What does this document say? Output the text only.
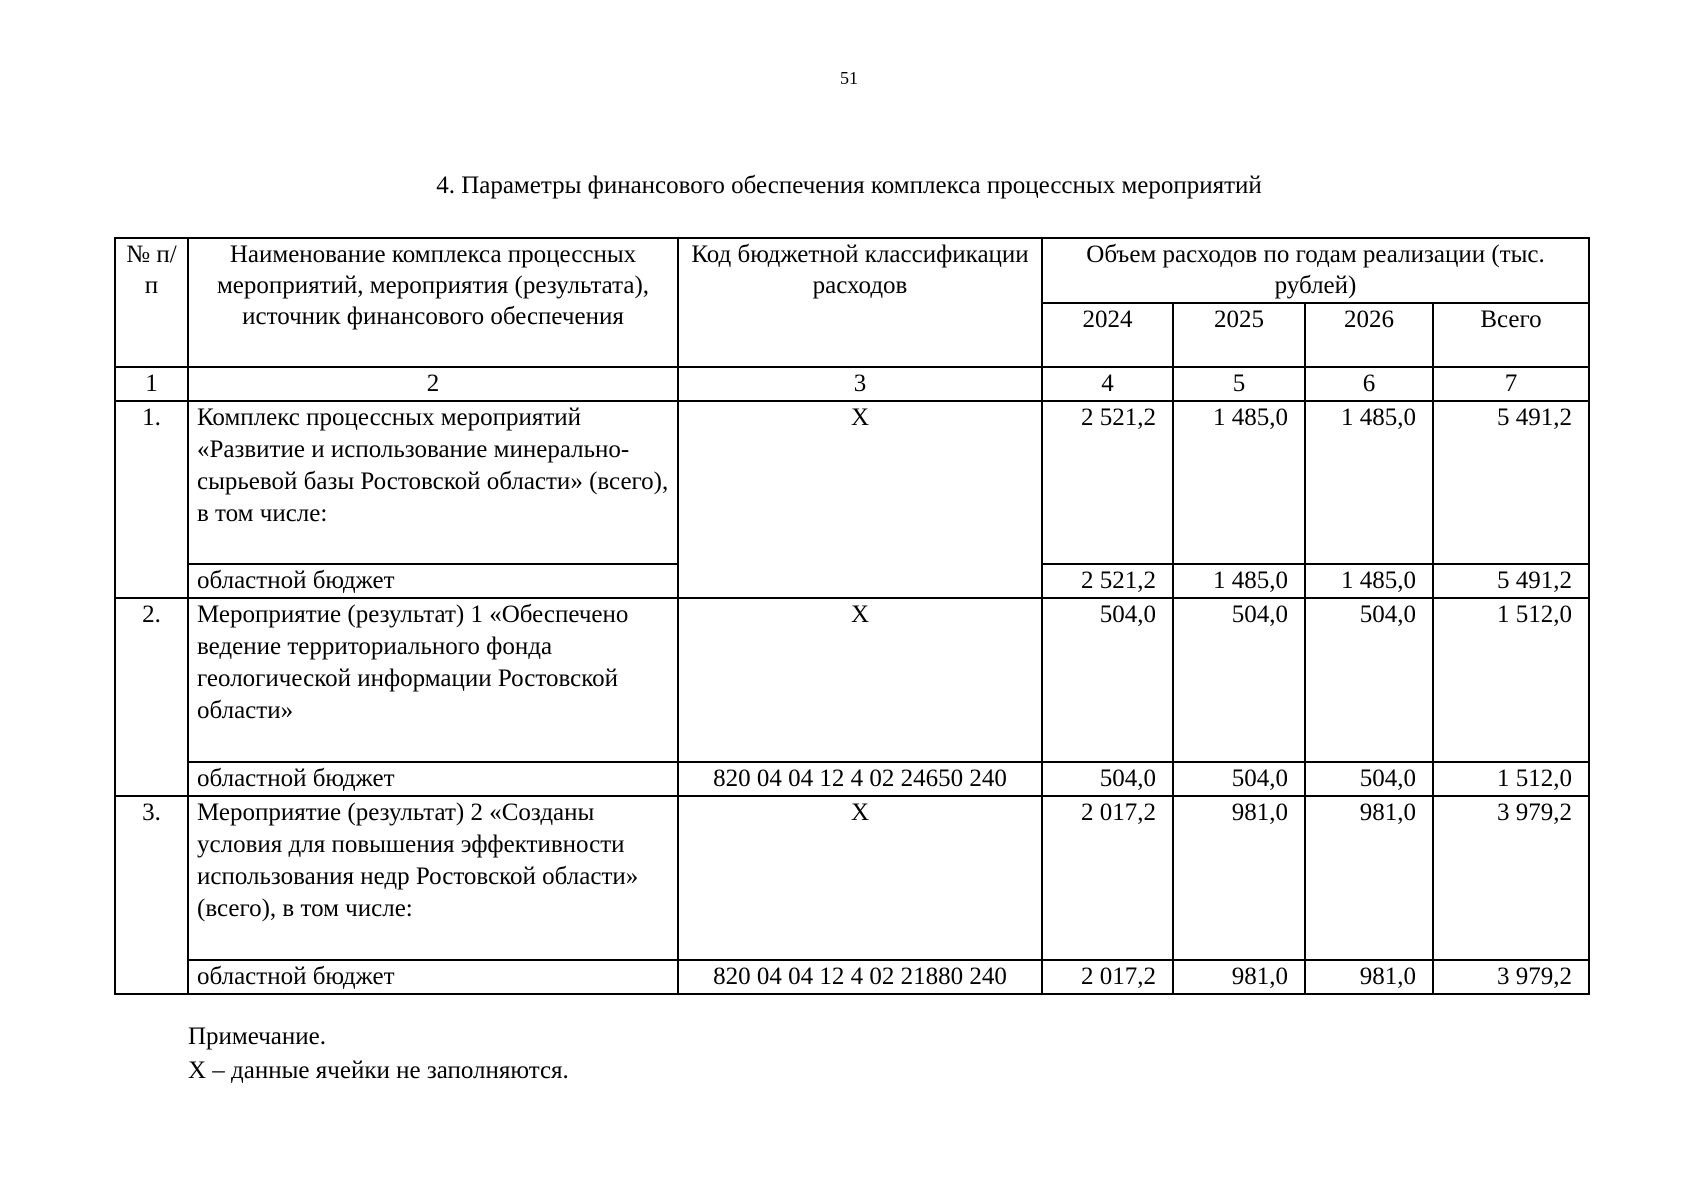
51
4. Параметры финансового обеспечения комплекса процессных мероприятий
№ п/п	Наименование комплекса процессных мероприятий, мероприятия (результата), источник финансового обеспечения	Код бюджетной классификации расходов	Объем расходов по годам реализации (тыс. рублей)			
			2024	2025	2026	Всего
1	2	3	4	5	6	7
1.	Комплекс процессных мероприятий «Развитие и использование минерально-сырьевой базы Ростовской области» (всего), в том числе:	X	2 521,2	1 485,0	1 485,0	5 491,2
	областной бюджет		2 521,2	1 485,0	1 485,0	5 491,2
2.	Мероприятие (результат) 1 «Обеспечено ведение территориального фонда геологической информации Ростовской области»	X	504,0	504,0	504,0	1 512,0
	областной бюджет	820 04 04 12 4 02 24650 240	504,0	504,0	504,0	1 512,0
3.	Мероприятие (результат) 2 «Созданы условия для повышения эффективности использования недр Ростовской области» (всего), в том числе:	X	2 017,2	981,0	981,0	3 979,2
	областной бюджет	820 04 04 12 4 02 21880 240	2 017,2	981,0	981,0	3 979,2
Примечание.
Х – данные ячейки не заполняются.
